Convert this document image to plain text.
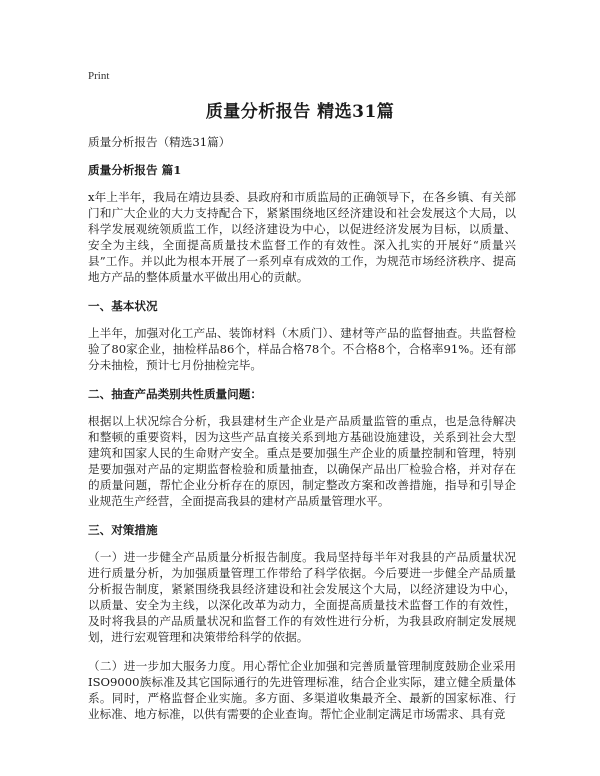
Print
质量分析报告 精选31篇

质量分析报告（精选31篇）

质量分析报告 篇1

x年上半年，我局在靖边县委、县政府和市质监局的正确领导下，在各乡镇、有关部门和广大企业的大力支持配合下，紧紧围绕地区经济建设和社会发展这个大局，以科学发展观统领质监工作，以经济建设为中心，以促进经济发展为目标，以质量、安全为主线，全面提高质量技术监督工作的有效性。深入扎实的开展好“质量兴县”工作。并以此为根本开展了一系列卓有成效的工作，为规范市场经济秩序、提高地方产品的整体质量水平做出用心的贡献。

一、基本状况

上半年，加强对化工产品、装饰材料（木质门）、建材等产品的监督抽查。共监督检验了80家企业，抽检样品86个，样品合格78个。不合格8个，合格率91%。还有部分未抽检，预计七月份抽检完毕。

二、抽查产品类别共性质量问题：

根据以上状况综合分析，我县建材生产企业是产品质量监管的重点，也是急待解决和整顿的重要资料，因为这些产品直接关系到地方基础设施建设，关系到社会大型建筑和国家人民的生命财产安全。重点是要加强生产企业的质量控制和管理，特别是要加强对产品的定期监督检验和质量抽查，以确保产品出厂检验合格，并对存在的质量问题，帮忙企业分析存在的原因，制定整改方案和改善措施，指导和引导企业规范生产经营，全面提高我县的建材产品质量管理水平。

三、对策措施

（一）进一步健全产品质量分析报告制度。我局坚持每半年对我县的产品质量状况进行质量分析，为加强质量管理工作带给了科学依据。今后要进一步健全产品质量分析报告制度，紧紧围绕我县经济建设和社会发展这个大局，以经济建设为中心，以质量、安全为主线，以深化改革为动力，全面提高质量技术监督工作的有效性，及时将我县的产品质量状况和监督工作的有效性进行分析，为我县政府制定发展规划，进行宏观管理和决策带给科学的依据。

（二）进一步加大服务力度。用心帮忙企业加强和完善质量管理制度鼓励企业采用ISO9000族标准及其它国际通行的先进管理标准，结合企业实际，建立健全质量体系。同时，严格监督企业实施。多方面、多渠道收集最齐全、最新的国家标准、行业标准、地方标准，以供有需要的企业查询。帮忙企业制定满足市场需求、具有竞
